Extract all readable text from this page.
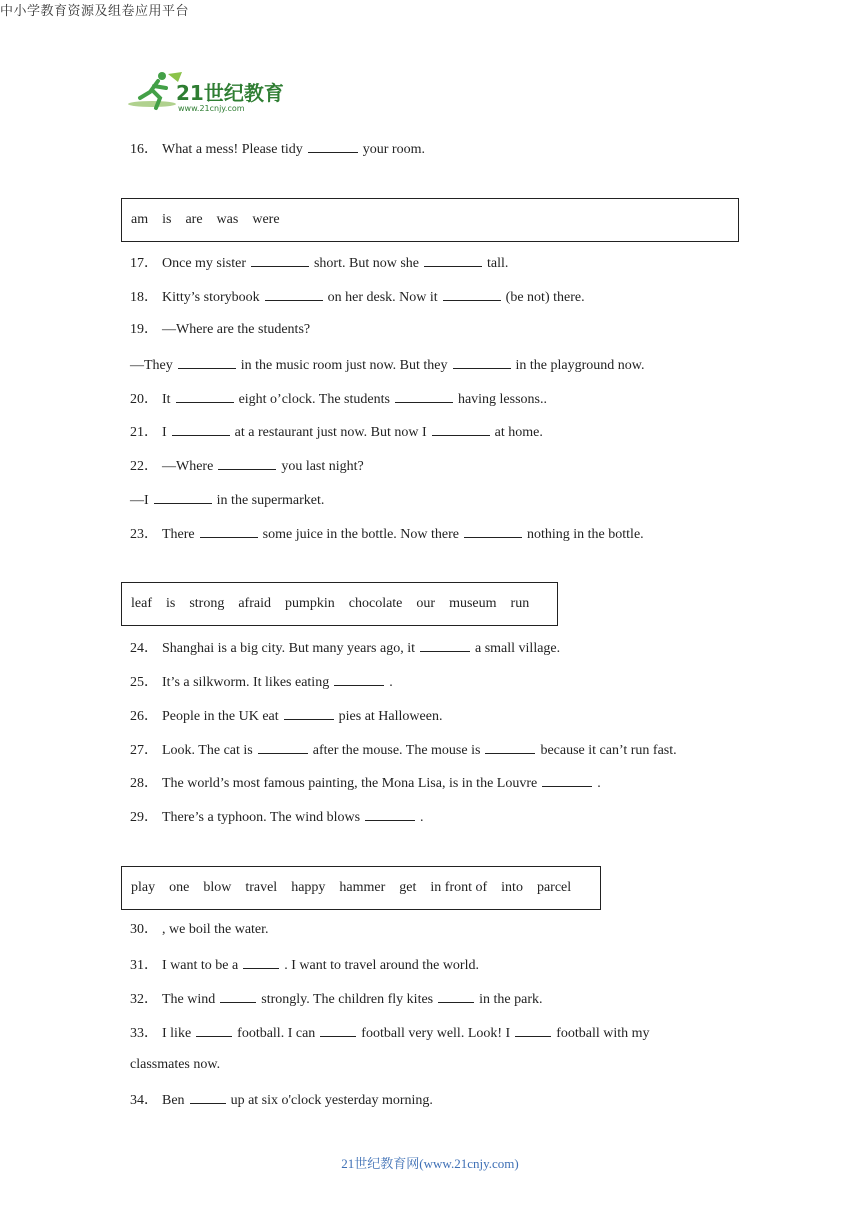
21世纪教育
www.21cnjy.com
中小学教育资源及组卷应用平台
16． What a mess! Please tidy	your room.
am is are was were
17． Once my sister	short. But now she	tall.
18． Kitty’s storybook	on her desk. Now it	(be not) there.
19． —Where are the students?
—They	in the music room just now. But they	in the playground now.
20． It	eight o’clock. The students	having lessons..
21． I	at a restaurant just now. But now I	at home.
22． —Where	you last night?
—I	in the supermarket.
23． There	some juice in the bottle. Now there	nothing in the bottle.
leaf is strong afraid pumpkin chocolate our museum run
24． Shanghai is a big city. But many years ago, it	a small village.
25． It’s a silkworm. It likes eating	.
26． People in the UK eat	pies at Halloween.
27． Look. The cat is	after the mouse. The mouse is	because it can’t run fast.
28． The world’s most famous painting, the Mona Lisa, is in the Louvre	.
29． There’s a typhoon. The wind blows	.
play one blow travel happy hammer get in front of into parcel
30． , we boil the water.
31． I want to be a	. I want to travel around the world.
32． The wind	strongly. The children fly kites	in the park.
33． I like	football. I can	football very well. Look! I	football with my
classmates now.
34． Ben	up at six o'clock yesterday morning.
21世纪教育网(www.21cnjy.com)
